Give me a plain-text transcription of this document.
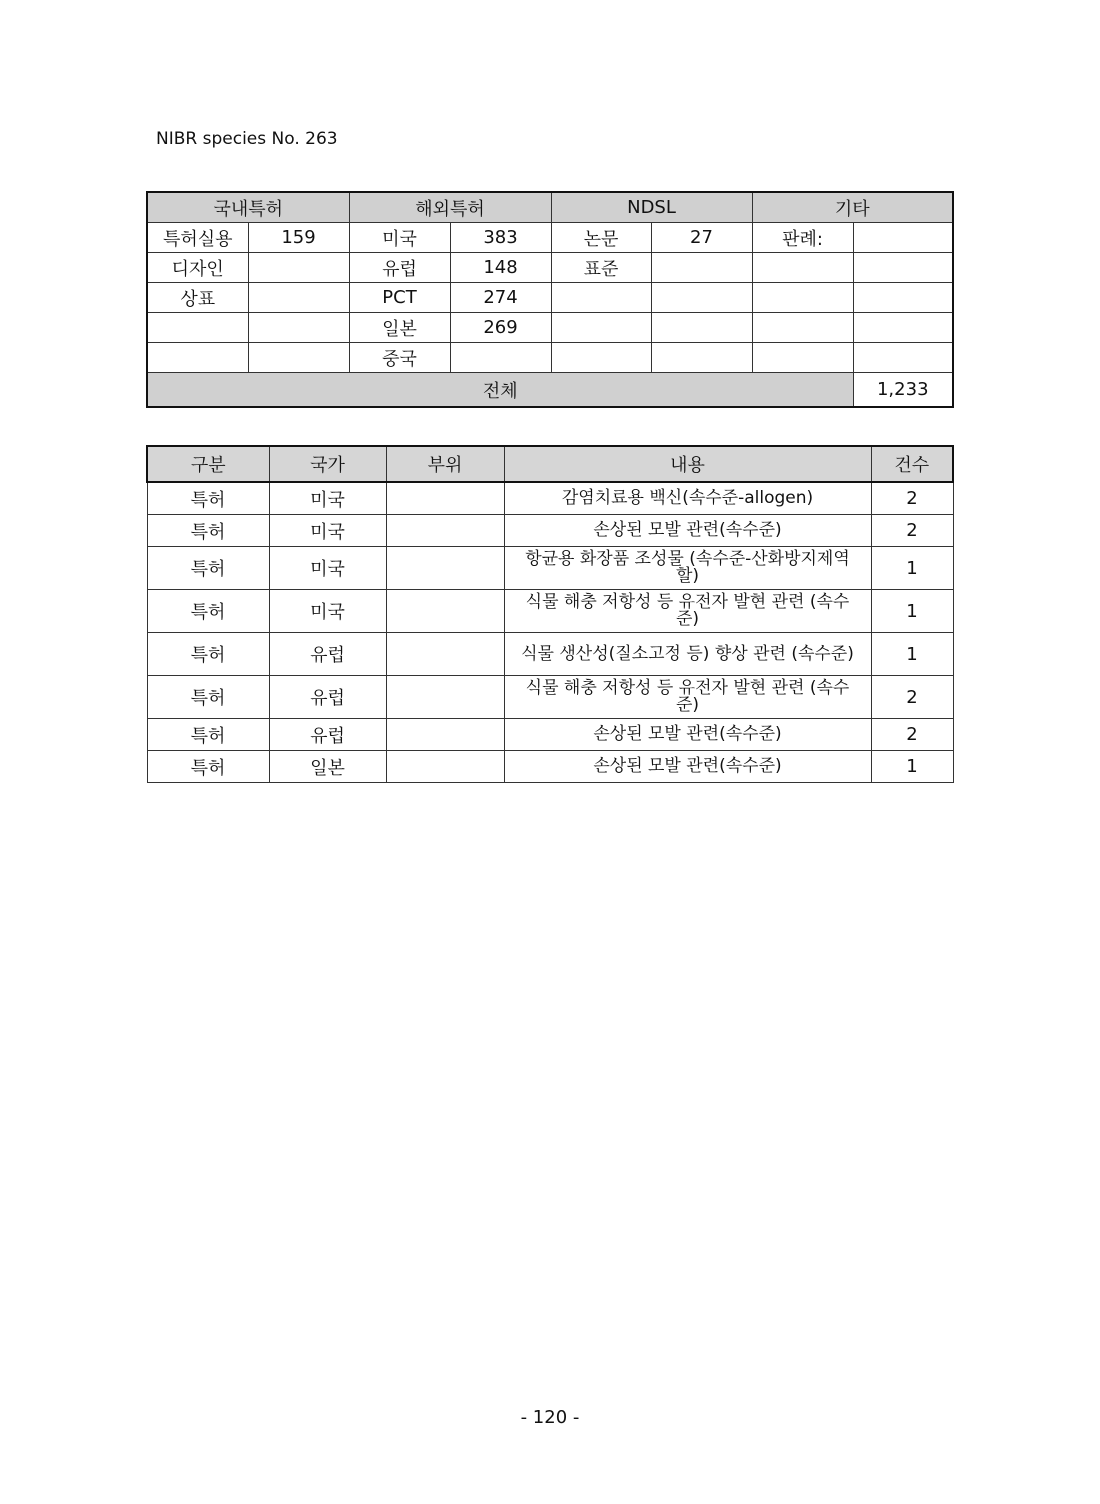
NIBR species No. 263
국내특허		해외특허		NDSL		기타	
특허실용	159	미국	383	논문	27	판례:	
디자인		유럽	148	표준			
상표		PCT	274				
		일본	269				
		중국					
전체							1,233
구분	국가	부위	내용	건수
특허	미국		감염치료용 백신(속수준-allogen)	2
특허	미국		손상된 모발 관련(속수준)	2
특허	미국		항균용 화장품 조성물 (속수준-산화방지제역할)	1
특허	미국		식물 해충 저항성 등 유전자 발현 관련 (속수준)	1
특허	유럽		식물 생산성(질소고정 등) 향상 관련 (속수준)	1
특허	유럽		식물 해충 저항성 등 유전자 발현 관련 (속수준)	2
특허	유럽		손상된 모발 관련(속수준)	2
특허	일본		손상된 모발 관련(속수준)	1
- 120 -
